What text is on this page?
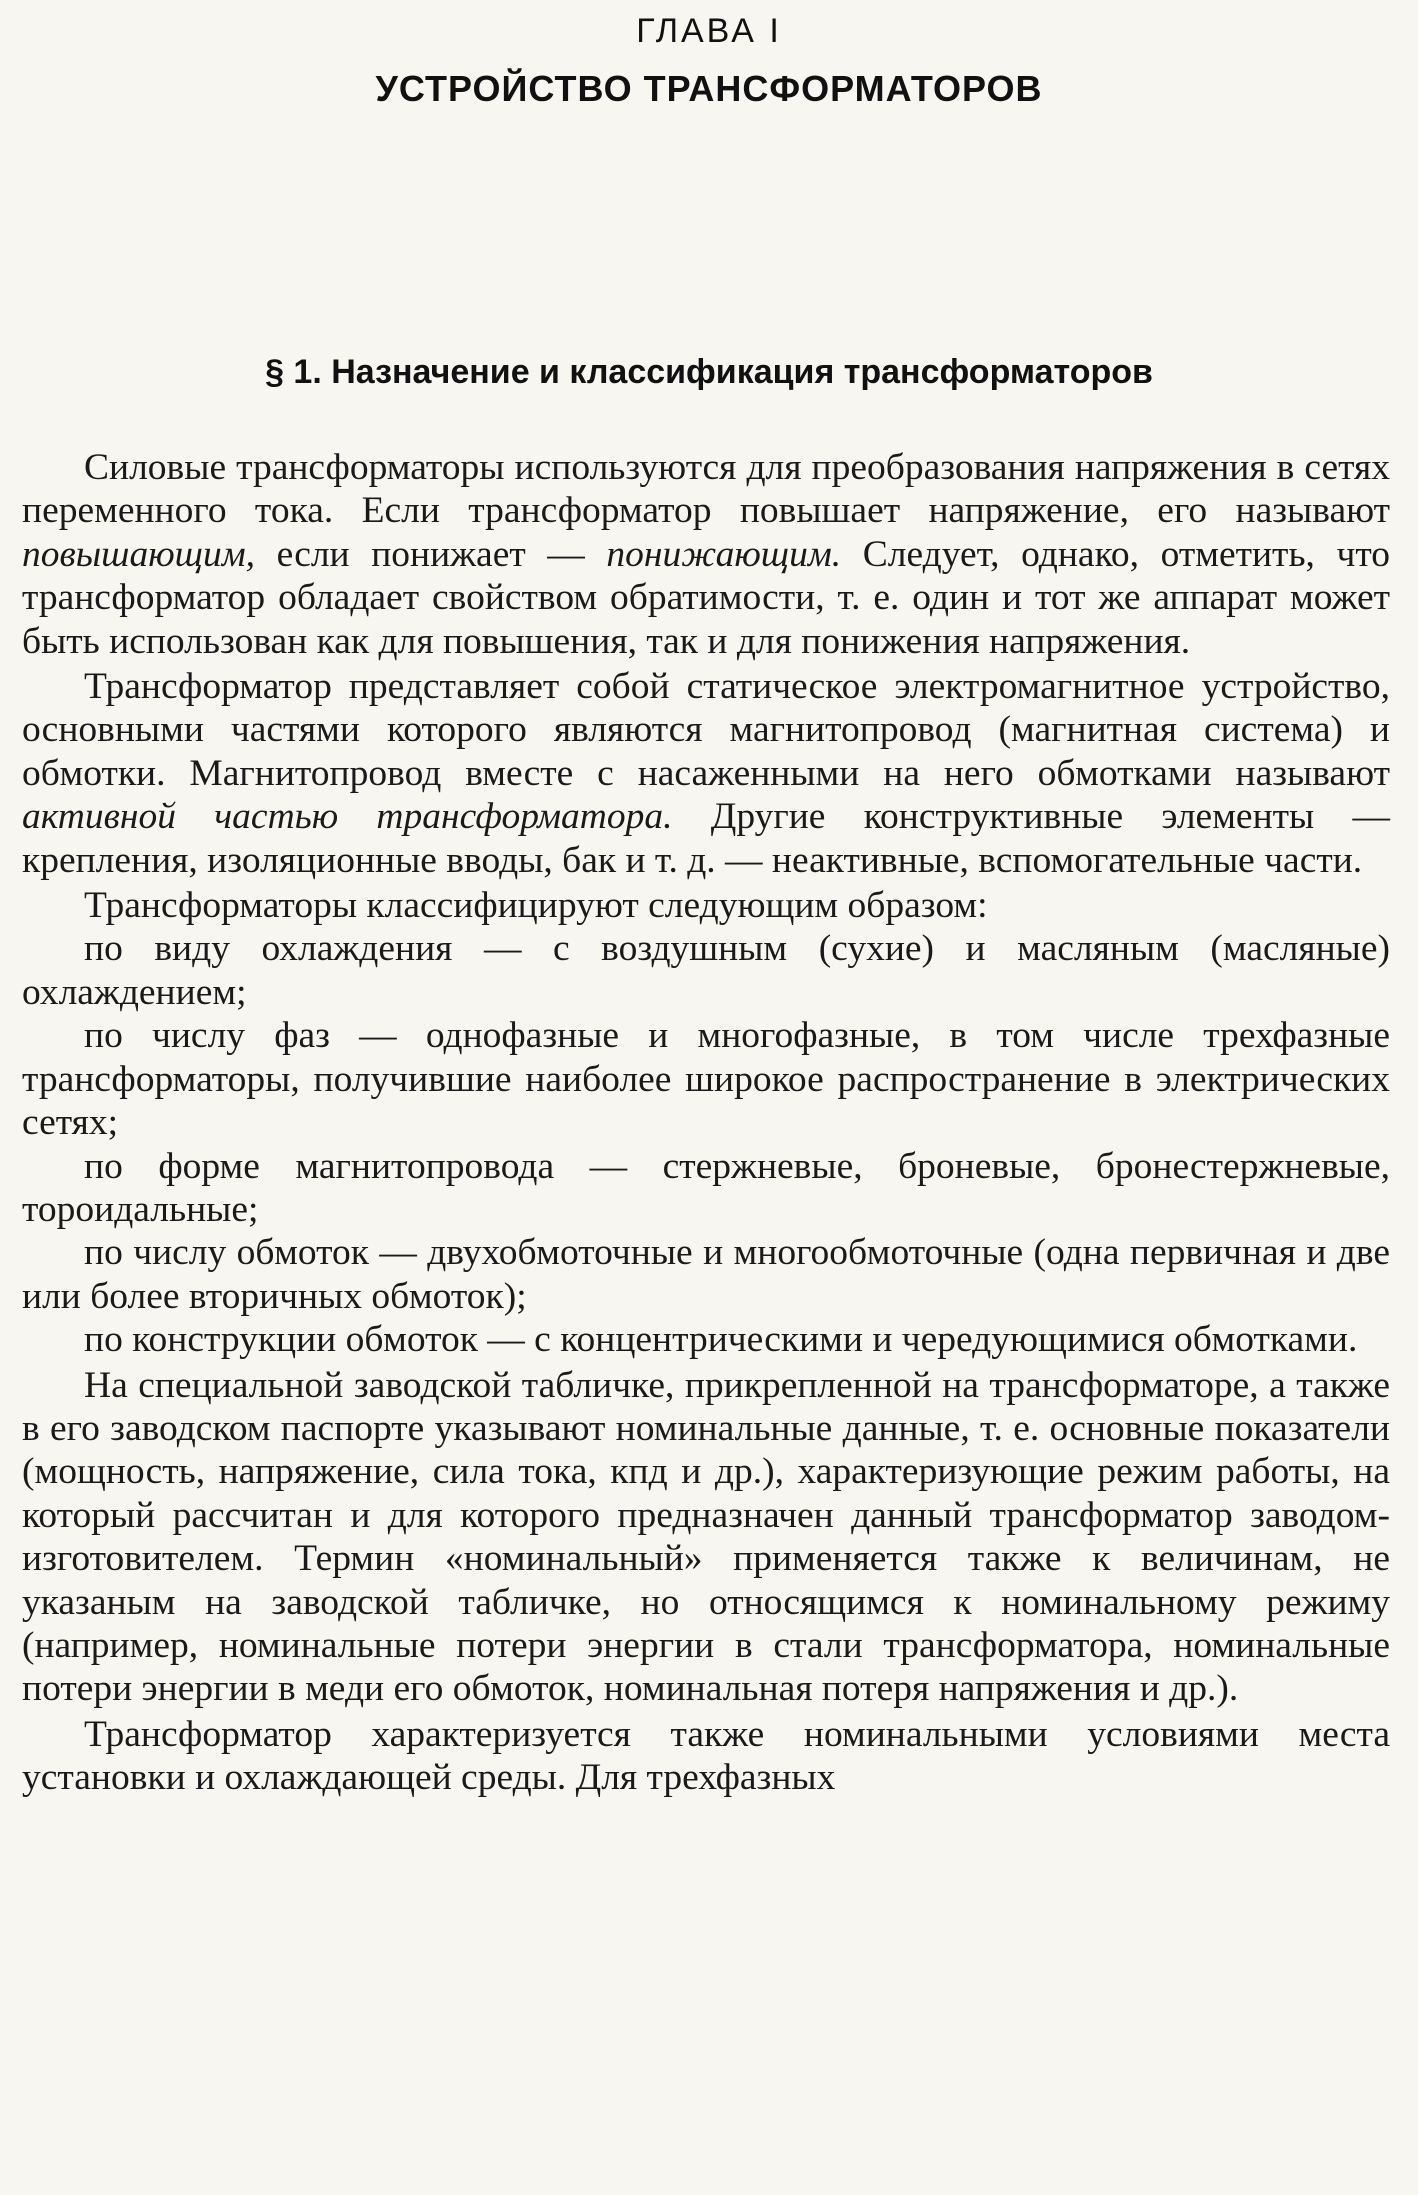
ГЛАВА I
УСТРОЙСТВО ТРАНСФОРМАТОРОВ
§ 1. Назначение и классификация трансформаторов

Силовые трансформаторы используются для преобразования напряжения в сетях переменного тока. Если трансформатор повышает напряжение, его называют повышающим, если понижает — понижающим. Следует, однако, отметить, что трансформатор обладает свойством обратимости, т. е. один и тот же аппарат может быть использован как для повышения, так и для понижения напряжения.

Трансформатор представляет собой статическое электромагнитное устройство, основными частями которого являются магнитопровод (магнитная система) и обмотки. Магнитопровод вместе с насаженными на него обмотками называют активной частью трансформатора. Другие конструктивные элементы — крепления, изоляционные вводы, бак и т. д. — неактивные, вспомогательные части.

Трансформаторы классифицируют следующим образом:

по виду охлаждения — с воздушным (сухие) и масляным (масляные) охлаждением;

по числу фаз — однофазные и многофазные, в том числе трехфазные трансформаторы, получившие наиболее широкое распространение в электрических сетях;

по форме магнитопровода — стержневые, броневые, бронестержневые, тороидальные;

по числу обмоток — двухобмоточные и многообмоточные (одна первичная и две или более вторичных обмоток);

по конструкции обмоток — с концентрическими и чередующимися обмотками.

На специальной заводской табличке, прикрепленной на трансформаторе, а также в его заводском паспорте указывают номинальные данные, т. е. основные показатели (мощность, напряжение, сила тока, кпд и др.), характеризующие режим работы, на который рассчитан и для которого предназначен данный трансформатор заводом-изготовителем. Термин «номинальный» применяется также к величинам, не указаным на заводской табличке, но относящимся к номинальному режиму (например, номинальные потери энергии в стали трансформатора, номинальные потери энергии в меди его обмоток, номинальная потеря напряжения и др.).

Трансформатор характеризуется также номинальными условиями места установки и охлаждающей среды. Для трехфазных
